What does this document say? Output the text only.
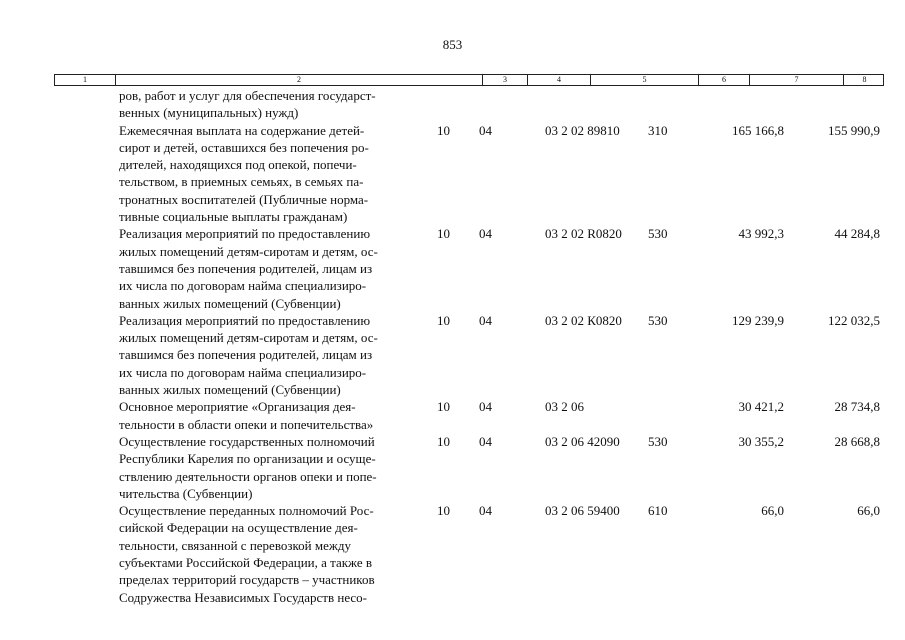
853
1	2	3	4	5	6	7	8
ров, работ и услуг для обеспечения государст-
венных (муниципальных) нужд)
Ежемесячная выплата на содержание детей-
сирот и детей, оставшихся без попечения ро-
дителей, находящихся под опекой, попечи-
тельством, в приемных семьях, в семьях па-
тронатных воспитателей (Публичные норма-
тивные социальные выплаты гражданам)
10 04	03 2 02 89810 310	165 166,8	155 990,9
Реализация мероприятий по предоставлению
жилых помещений детям-сиротам и детям, ос-
тавшимся без попечения родителей, лицам из
их числа по договорам найма специализиро-
ванных жилых помещений (Субвенции)
10 04	03 2 02 R0820 530	43 992,3	44 284,8
Реализация мероприятий по предоставлению
жилых помещений детям-сиротам и детям, ос-
тавшимся без попечения родителей, лицам из
их числа по договорам найма специализиро-
ванных жилых помещений (Субвенции)
10 04	03 2 02 К0820 530	129 239,9	122 032,5
Основное мероприятие «Организация дея-
тельности в области опеки и попечительства»
10 04	03 2 06	30 421,2	28 734,8
Осуществление государственных полномочий
Республики Карелия по организации и осуще-
ствлению деятельности органов опеки и попе-
чительства (Субвенции)
10 04	03 2 06 42090 530	30 355,2	28 668,8
Осуществление переданных полномочий Рос-
сийской Федерации на осуществление дея-
тельности, связанной с перевозкой между
субъектами Российской Федерации, а также в
пределах территорий государств – участников
Содружества Независимых Государств несо-
10 04	03 2 06 59400 610	66,0	66,0
